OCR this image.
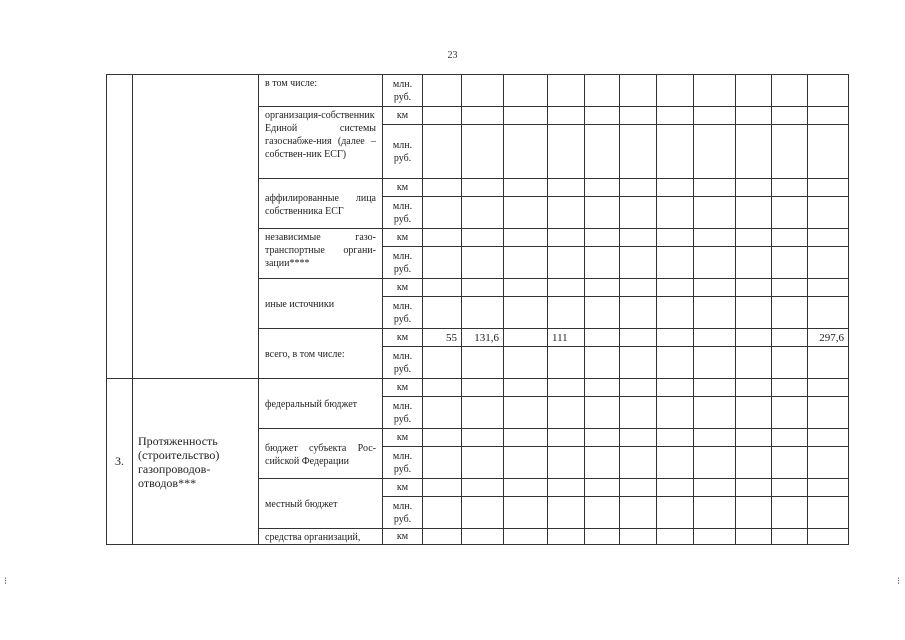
23
		в том числе:	млн.
руб.											
		организация-собственник Единой системы газоснабже-ния (далее – собствен-ник ЕСГ)	км											
			млн.
руб.											
		аффилированные лица собственника ЕСГ	км											
			млн.
руб.											
		независимые газо-транспортные органи-зации****	км											
			млн.
руб.											
		иные источники	км											
			млн.
руб.											
		всего, в том числе:	км	55	131,6		111							297,6
			млн.
руб.											
3.	Протяженность (строительство) газопроводов-отводов***	федеральный бюджет	км											
			млн.
руб.											
		бюджет субъекта Рос-сийской Федерации	км											
			млн.
руб.											
		местный бюджет	км											
			млн.
руб.											
		средства организаций,	км											
⁝	⁝
